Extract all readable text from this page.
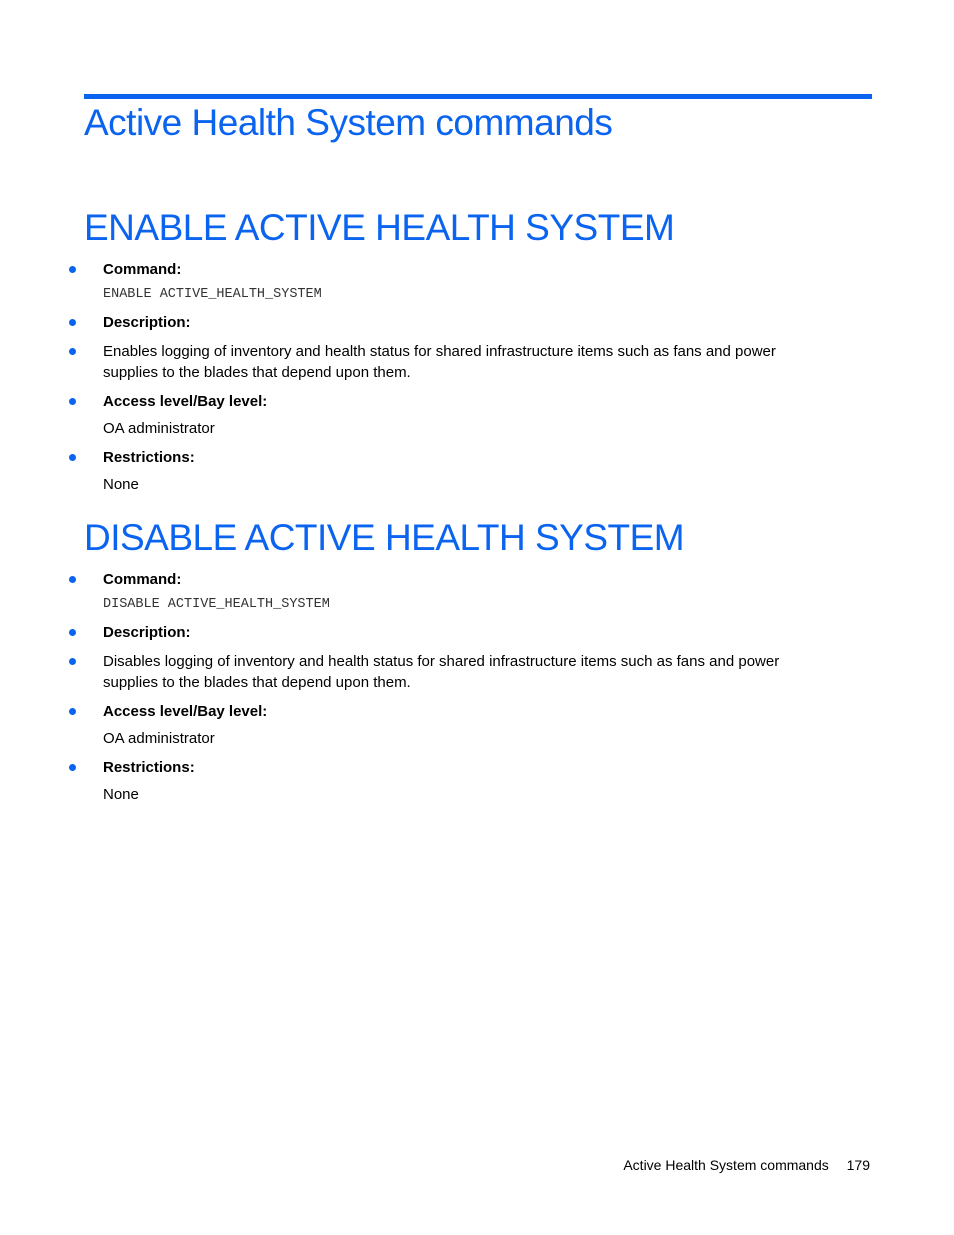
Active Health System commands
ENABLE ACTIVE HEALTH SYSTEM
Command:
ENABLE ACTIVE_HEALTH_SYSTEM
Description:
Enables logging of inventory and health status for shared infrastructure items such as fans and power
supplies to the blades that depend upon them.
Access level/Bay level:
OA administrator
Restrictions:
None
DISABLE ACTIVE HEALTH SYSTEM
Command:
DISABLE ACTIVE_HEALTH_SYSTEM
Description:
Disables logging of inventory and health status for shared infrastructure items such as fans and power
supplies to the blades that depend upon them.
Access level/Bay level:
OA administrator
Restrictions:
None
Active Health System commands 179
